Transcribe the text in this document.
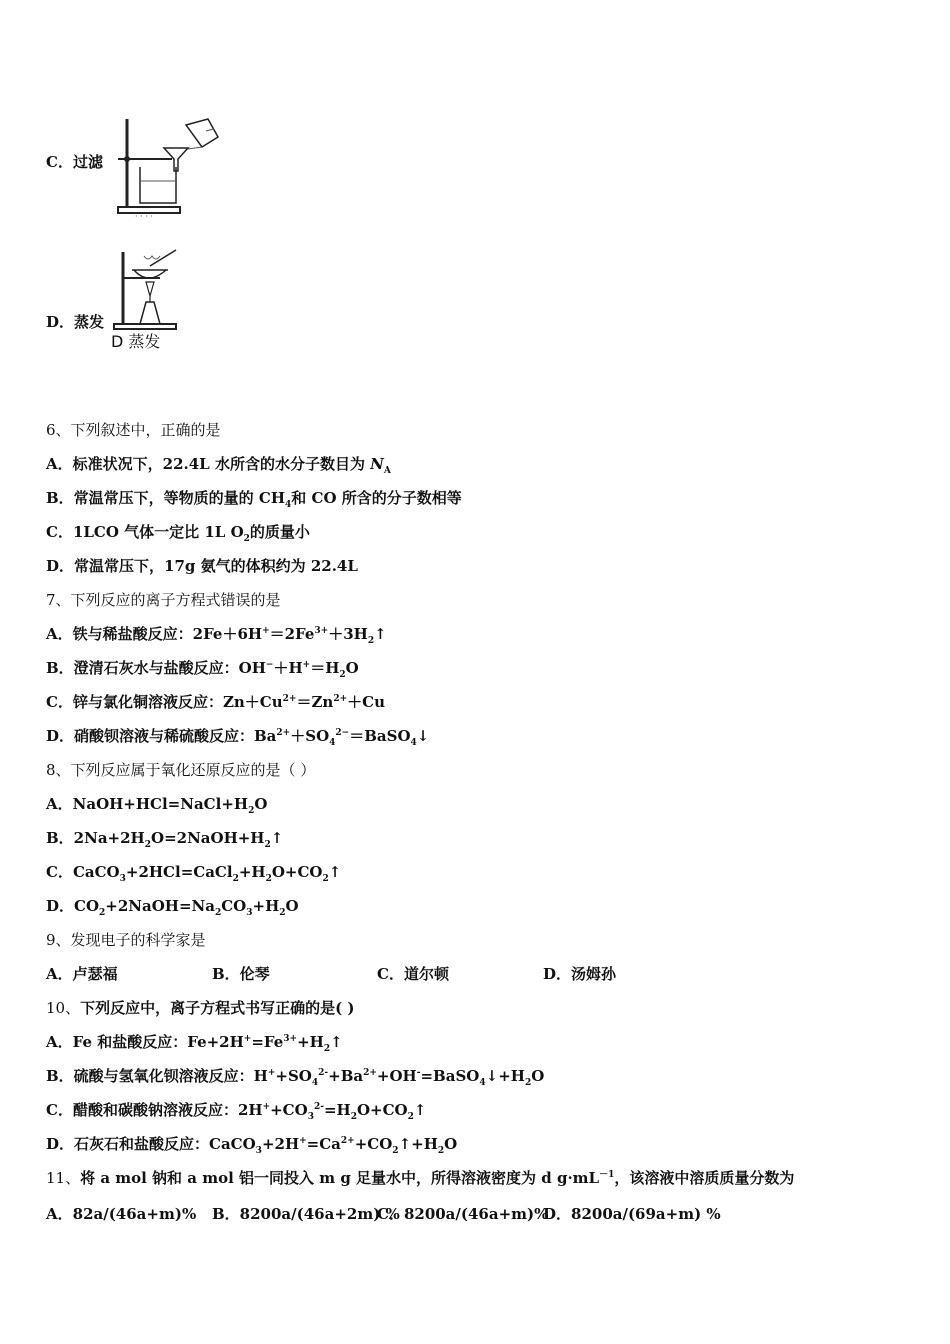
C．过滤
· · · ·
D．蒸发
D 蒸发
6、下列叙述中，正确的是
A．标准状况下，22.4L 水所含的水分子数目为 $N_A$
B．常温常压下，等物质的量的 $CH_4$和 CO 所含的分子数相等
C．1LCO 气体一定比 1L $O_2$的质量小
D．常温常压下，17g 氨气的体积约为 22.4L
7、下列反应的离子方程式错误的是
A．铁与稀盐酸反应：$2Fe+6H^+=2Fe^{3+}+3H_2↑$
B．澄清石灰水与盐酸反应：$OH^-+H^+=H_2O$
C．锌与氯化铜溶液反应：$Zn+Cu^{2+}=Zn^{2+}+Cu$
D．硝酸钡溶液与稀硫酸反应：$Ba^{2+}+SO_4^{2-}=BaSO_4↓$
8、下列反应属于氧化还原反应的是（ ）
A．$NaOH+HCl=NaCl+H_2O$
B．$2Na+2H_2O=2NaOH+H_2↑$
C．$CaCO_3+2HCl=CaCl_2+H_2O+CO_2↑$
D．$CO_2+2NaOH=Na_2CO_3+H_2O$
9、发现电子的科学家是
A．卢瑟福	B．伦琴	C．道尔顿	D．汤姆孙
10、下列反应中，离子方程式书写正确的是( )
A．Fe 和盐酸反应：$Fe+2H^+=Fe^{3+}+H_2↑$
B．硫酸与氢氧化钡溶液反应：$H^++SO_4^{2-}+Ba^{2+}+OH^-=BaSO_4↓+H_2O$
C．醋酸和碳酸钠溶液反应：$2H^++CO_3^{2-}=H_2O+CO_2↑$
D．石灰石和盐酸反应：$CaCO_3+2H^+=Ca^{2+}+CO_2↑+H_2O$
11、将 a mol 钠和 a mol 铝一同投入 m g 足量水中，所得溶液密度为 d $g\cdot mL^{-1}$，该溶液中溶质质量分数为
A．82a/(46a+m)% B．8200a/(46a+2m) %
C．8200a/(46a+m)%
D．8200a/(69a+m) %
